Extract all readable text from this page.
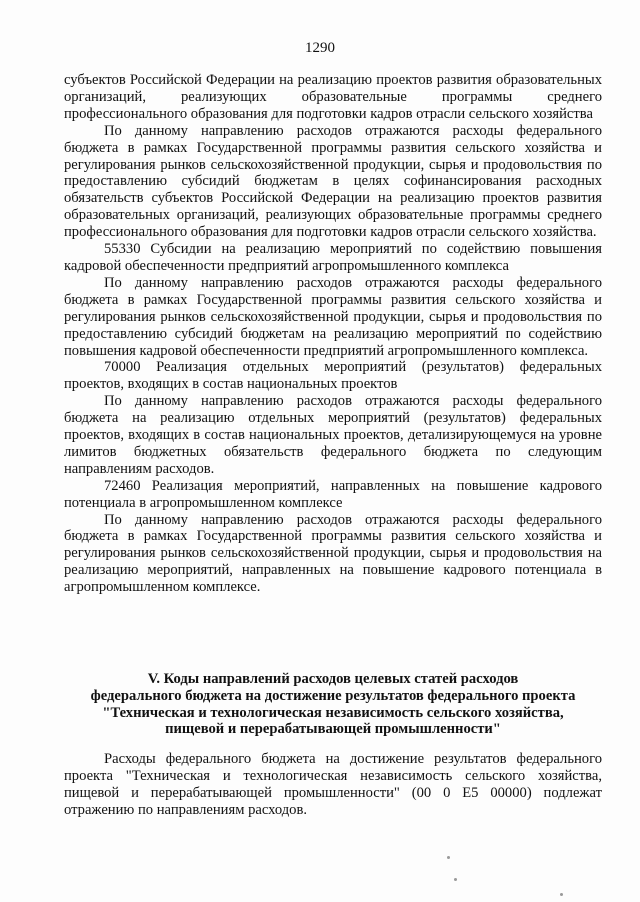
1290

субъектов Российской Федерации на реализацию проектов развития образовательных организаций, реализующих образовательные программы среднего профессионального образования для подготовки кадров отрасли сельского хозяйства

По данному направлению расходов отражаются расходы федерального бюджета в рамках Государственной программы развития сельского хозяйства и регулирования рынков сельскохозяйственной продукции, сырья и продовольствия по предоставлению субсидий бюджетам в целях софинансирования расходных обязательств субъектов Российской Федерации на реализацию проектов развития образовательных организаций, реализующих образовательные программы среднего профессионального образования для подготовки кадров отрасли сельского хозяйства.

55330 Субсидии на реализацию мероприятий по содействию повышения кадровой обеспеченности предприятий агропромышленного комплекса

По данному направлению расходов отражаются расходы федерального бюджета в рамках Государственной программы развития сельского хозяйства и регулирования рынков сельскохозяйственной продукции, сырья и продовольствия по предоставлению субсидий бюджетам на реализацию мероприятий по содействию повышения кадровой обеспеченности предприятий агропромышленного комплекса.

70000 Реализация отдельных мероприятий (результатов) федеральных проектов, входящих в состав национальных проектов

По данному направлению расходов отражаются расходы федерального бюджета на реализацию отдельных мероприятий (результатов) федеральных проектов, входящих в состав национальных проектов, детализирующемуся на уровне лимитов бюджетных обязательств федерального бюджета по следующим направлениям расходов.

72460 Реализация мероприятий, направленных на повышение кадрового потенциала в агропромышленном комплексе

По данному направлению расходов отражаются расходы федерального бюджета в рамках Государственной программы развития сельского хозяйства и регулирования рынков сельскохозяйственной продукции, сырья и продовольствия на реализацию мероприятий, направленных на повышение кадрового потенциала в агропромышленном комплексе.

V. Коды направлений расходов целевых статей расходов
федерального бюджета на достижение результатов федерального проекта
"Техническая и технологическая независимость сельского хозяйства,
пищевой и перерабатывающей промышленности"

Расходы федерального бюджета на достижение результатов федерального проекта "Техническая и технологическая независимость сельского хозяйства, пищевой и перерабатывающей промышленности" (00 0 Е5 00000) подлежат отражению по направлениям расходов.
